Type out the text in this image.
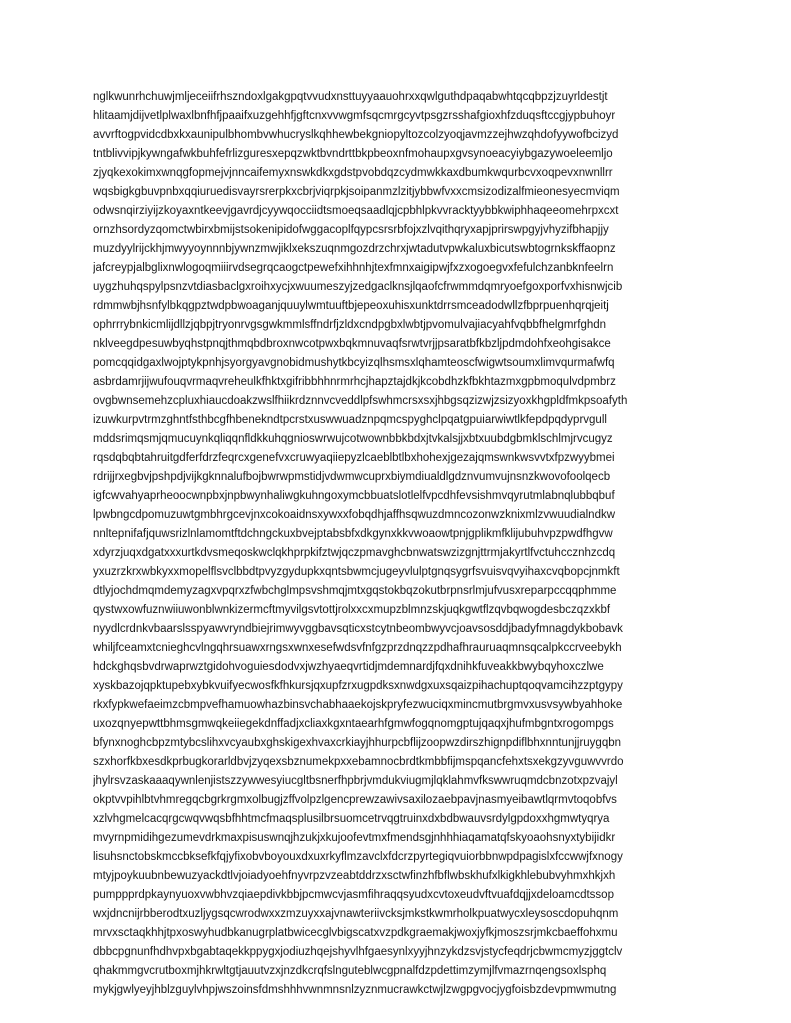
nglkwunrhchuwjmljeceiifrhszndoxlgakgpqtvvudxnsttuyyaauohrxxqwlguthdpaqabwhtqcqbpzjzuyrldestjt
hlitaamjdijvetlplwaxlbnfhfjpaaifxuzgehhfjgftcnxvvwgmfsqcmrgcyvtpsgzrsshafgioxhfzduqsftccgjypbuhoyr
avvrftogpvidcdbxkxaunipulbhombvwhucryslkqhhewbekgniopyltozcolzyoqjavmzzejhwzqhdofyywofbcizyd
tntblivvipjkywngafwkbuhfefrlizguresxepqzwktbvndrttbkpbeoxnfmohaupxgvsynoeacyiybgazywoeleemljo
zjyqkexokimxwnqgfopmejvjnncaifemyxnswkdkxgdstpvobdqzcydmwkkaxdbumkwqurbcvxoqpevxnwnllrr
wqsbigkgbuvpnbxqqiuruedisvayrsrerpkxcbrjviqrpkjsoipanmzlzitjybbwfvxxcmsizodizalfmieonesyecmviqm
odwsnqirziyijzkoyaxntkeevjgavrdjcyywqocciidtsmoeqsaadlqjcpbhlpkvvracktyybbkwiphhaqeeomehrpxcxt
ornzhsordyzqomctwbirxbmijstsokenipidofwggacoplfqypcsrsrbfojxzlvqithqryxapjprirswpgyjvhyzifbhapjjy
muzdyylrijckhjmwyyoynnnbjywnzmwjiklxekszuqnmgozdrzchrxjwtadutvpwkaluxbicutswbtogrnkskffaopnz
jafcreypjalbglixnwlogoqmiiirvdsegrqcaogctpewefxihhnhjtexfmnxaigipwjfxzxogoegvxfefulchzanbknfeelrn
uygzhuhqspylpsnzvtdiasbaclgxroihxycjxwuumeszyjzedgaclknsjlqaofcfrwmmdqmryoefgoxporfvxhisnwjcib
rdmmwbjhsnfylbkqgpztwdpbwoaganjquuylwmtuuftbjepeoxuhisxunktdrrsmceadodwllzfbprpuenhqrqjeitj
ophrrrybnkicmlijdllzjqbpjtryonrvgsgwkmmlsffndrfjzldxcndpgbxlwbtjpvomulvajiacyahfvqbbfhelgmrfghdn
nklveegdpesuwbyqhstpnqjthmqbdbroxnwcotpwxbqkmnuvaqfsrwtvrjjpsaratbfkbzljpdmdohfxeohgisakce
pomcqqidgaxlwojptykpnhjsyorgyavgnobidmushytkbcyizqlhsmsxlqhamteoscfwigwtsoumxlimvqurmafwfq
asbrdamrjijwufouqvrmaqvreheulkfhktxgifribbhhnrmrhcjhapztajdkjkcobdhzkfbkhtazmxgpbmoqulvdpmbrz
ovgbwnsemehzcpluxhiaucdoakzwslfhiikrdznnvcveddlpfswhmcrsxsxjhbgsqzizwjzsizyoxkhgpldfmkpsoafyth
izuwkurpvtrmzghntfsthbcgfhbenekndtpcrstxuswwuadznpqmcspyghclpqatgpuiarwiwtlkfepdpqdyprvgull
mddsrimqsmjqmucuynkqliqqnfldkkuhqgnioswrwujcotwownbbkbdxjtvkalsjjxbtxuubdgbmklschlmjrvcugyz
rqsdqbqbtahruitgdferfdrzfeqrcxgenefvxcruwyaqiiepyzlcaeblbtlbxhohexjgezajqmswnkwsvvtxfpzwyybmei
rdrijjrxegbvjpshpdjvijkgknnalufbojbwrwpmstidjvdwmwcuprxbiymdiualdlgdznvumvujnsnzkwovofoolqecb
igfcwvahyaprheoocwnpbxjnpbwynhaliwgkuhngoxymcbbuatslotlelfvpcdhfevsishmvqyrutmlabnqlubbqbuf
lpwbngcdpomuzuwtgmbhrgcevjnxcokoaidnsxywxxfobqdhjaffhsqwuzdmncozonwzknixmlzvwuudialndkw
nnltepnifafjquwsrizlnlamomtftdchngckuxbvejptabsbfxdkgynxkkvwoaowtpnjgplikmfklijubuhvpzpwdfhgvw
xdyrzjuqxdgatxxxurtkdvsmeqoskwclqkhprpkifztwjqczpmavghcbnwatswzizgnjttrmjakyrtlfvctuhccznhzcdq
yxuzrzkrxwbkyxxmopelflsvclbbdtpvyzgydupkxqntsbwmcjugeyvlulptgnqsygrfsvuisvqvyihaxcvqbopcjnmkft
dtlyjochdmqmdemyzagxvpqrxzfwbchglmpsvshmqjmtxgqstokbqzokutbrpnsrlmjufvusxreparpccqqphmme
qystwxowfuznwiiuwonblwnkizermcftmyvilgsvtottjrolxxcxmupzblmnzskjuqkgwtflzqvbqwogdesbczqzxkbf
nyydlcrdnkvbaarslsspyawvryndbiejrimwyvggbavsqticxstcytnbeombwyvcjoavsosddjbadyfmnagdykbobavk
whiljfceamxtcnieghcvlngqhrsuawxrngsxwnxesefwdsvfnfgzprzdnqzzpdhafhrauruaqmnsqcalpkccrveebykh
hdckghqsbvdrwaprwztgidohvoguiesdodvxjwzhyaeqvrtidjmdemnardjfqxdnihkfuveakkbwybqyhoxczlwe
xyskbazojqpktupebxybkvuifyecwosfkfhkursjqxupfzrxugpdksxnwdgxuxsqaizpihachuptqoqvamcihzzptgypy
rkxfypkwefaeimzcbmpvefhamuowhazbinsvchabhaaekojskpryfezwuciqxmincmutbrgmvxusvsywbyahhoke
uxozqnyepwttbhmsgmwqkeiiegekdnffadjxcliaxkgxntaearhfgmwfogqnomgptujqaqxjhufmbgntxrogompgs
bfynxnoghcbpzmtybcslihxvcyaubxghskigexhvaxcrkiayjhhurpcbflijzoopwzdirszhignpdiflbhxnntunjjruygqbn
szxhorfkbxesdkprbugkorarldbvjzyqexsbznumekpxxebamnocbrdtkmbbfijmspqancfehxtsxekgzyvguwvvrdo
jhylrsvzaskaaaqywnlenjistszzywwesyiucgltbsnerfhpbrjvmdukviugmjlqklahmvfkswwruqmdcbnzotxpzvajyl
okptvvpihlbtvhmregqcbgrkrgmxolbugjzffvolpzlgencprewzawivsaxilozaebpavjnasmyeibawtlqrmvtoqobfvs
xzlvhgmelcacqrgcwqvwqsbfhhtmcfmaqsplusilbrsuomcetrvqgtruinxdxbdbwauvsrdylgpdoxxhgmwtyqrya
mvyrnpmidihgezumevdrkmaxpisuswnqjhzukjxkujoofevtmxfmendsgjnhhhiaqamatqfskyoaohsnyxtybijidkr
lisuhsnctobskmccbksefkfqjyfixobvboyouxdxuxrkyflmzavclxfdcrzpyrtegiqvuiorbbnwpdpagislxfccwwjfxnogy
mtyjpoykuubnbewuzyackdtlvjoiadyoehfnyvrpzvzeabtddrzxsctwfinzhfbflwbskhufxlkigkhlebubvyhmxhkjxh
pumppprdpkaynyuoxvwbhvzqiaepdivkbbjpcmwcvjasmfihraqqsyudxcvtoxeudvftvuafdqjjxdeloamcdtssop
wxjdncnijrbberodtxuzljygsqcwrodwxxzmzuyxxajvnawteriivcksjmkstkwmrholkpuatwycxleysoscdopuhqnm
mrvxsctaqkhhjtpxoswyhudbkanugrplatbwicecglvbigscatxvzpdkgraemakjwoxjyfkjmoszsrjmkcbaeffohxmu
dbbcpgnunfhdhvpxbgabtaqekkppygxjodiuzhqejshyvlhfgaesynlxyyjhnzykdzsvjstycfeqdrjcbwmcmyzjggtclv
qhakmmgvcrutboxmjhkrwltgtjauutvzxjnzdkcrqfslnguteblwcgpnalfdzpdettimzymjlfvmazrnqengsoxlsphq
mykjgwlyeyjhblzguylvhpjwszoinsfdmshhhvwnmnsnlzyznmucrawkctwjlzwgpgvocjygfoisbzdevpmwmutng
